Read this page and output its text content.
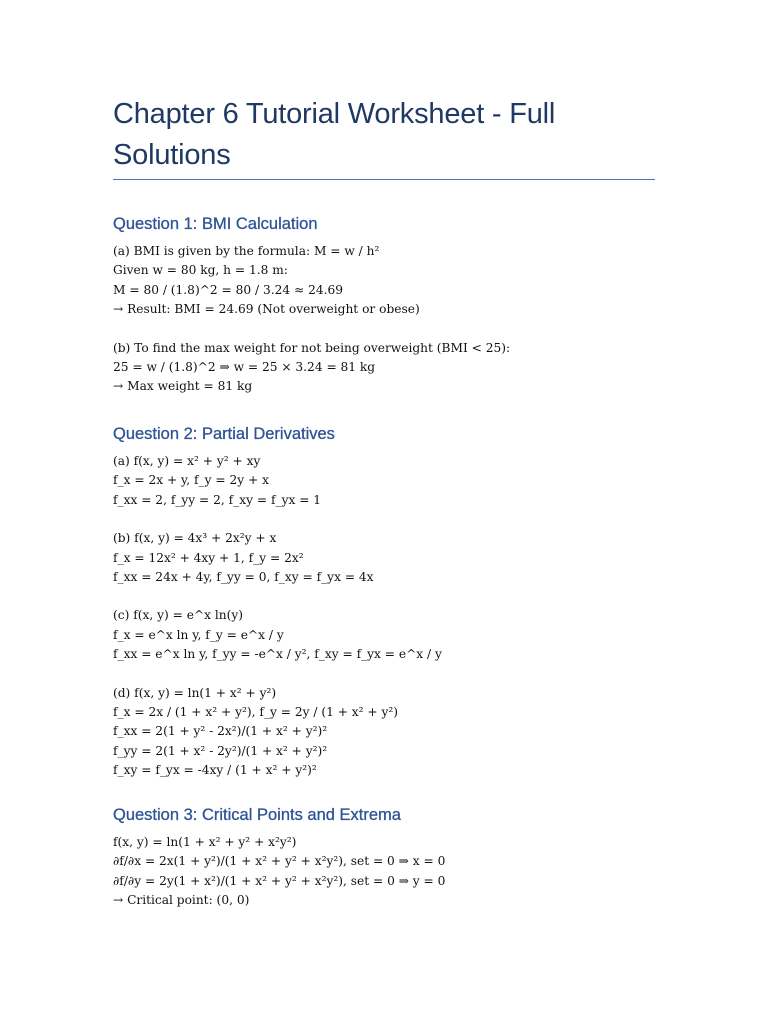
Chapter 6 Tutorial Worksheet - Full Solutions
Question 1: BMI Calculation
(a) BMI is given by the formula: M = w / h²
Given w = 80 kg, h = 1.8 m:
M = 80 / (1.8)^2 = 80 / 3.24 ≈ 24.69
→ Result: BMI = 24.69 (Not overweight or obese)
(b) To find the max weight for not being overweight (BMI < 25):
25 = w / (1.8)^2 ⇒ w = 25 × 3.24 = 81 kg
→ Max weight = 81 kg
Question 2: Partial Derivatives
(a) f(x, y) = x² + y² + xy
f_x = 2x + y, f_y = 2y + x
f_xx = 2, f_yy = 2, f_xy = f_yx = 1
(b) f(x, y) = 4x³ + 2x²y + x
f_x = 12x² + 4xy + 1, f_y = 2x²
f_xx = 24x + 4y, f_yy = 0, f_xy = f_yx = 4x
(c) f(x, y) = e^x ln(y)
f_x = e^x ln y, f_y = e^x / y
f_xx = e^x ln y, f_yy = -e^x / y², f_xy = f_yx = e^x / y
(d) f(x, y) = ln(1 + x² + y²)
f_x = 2x / (1 + x² + y²), f_y = 2y / (1 + x² + y²)
f_xx = 2(1 + y² - 2x²)/(1 + x² + y²)²
f_yy = 2(1 + x² - 2y²)/(1 + x² + y²)²
f_xy = f_yx = -4xy / (1 + x² + y²)²
Question 3: Critical Points and Extrema
f(x, y) = ln(1 + x² + y² + x²y²)
∂f/∂x = 2x(1 + y²)/(1 + x² + y² + x²y²), set = 0 ⇒ x = 0
∂f/∂y = 2y(1 + x²)/(1 + x² + y² + x²y²), set = 0 ⇒ y = 0
→ Critical point: (0, 0)
